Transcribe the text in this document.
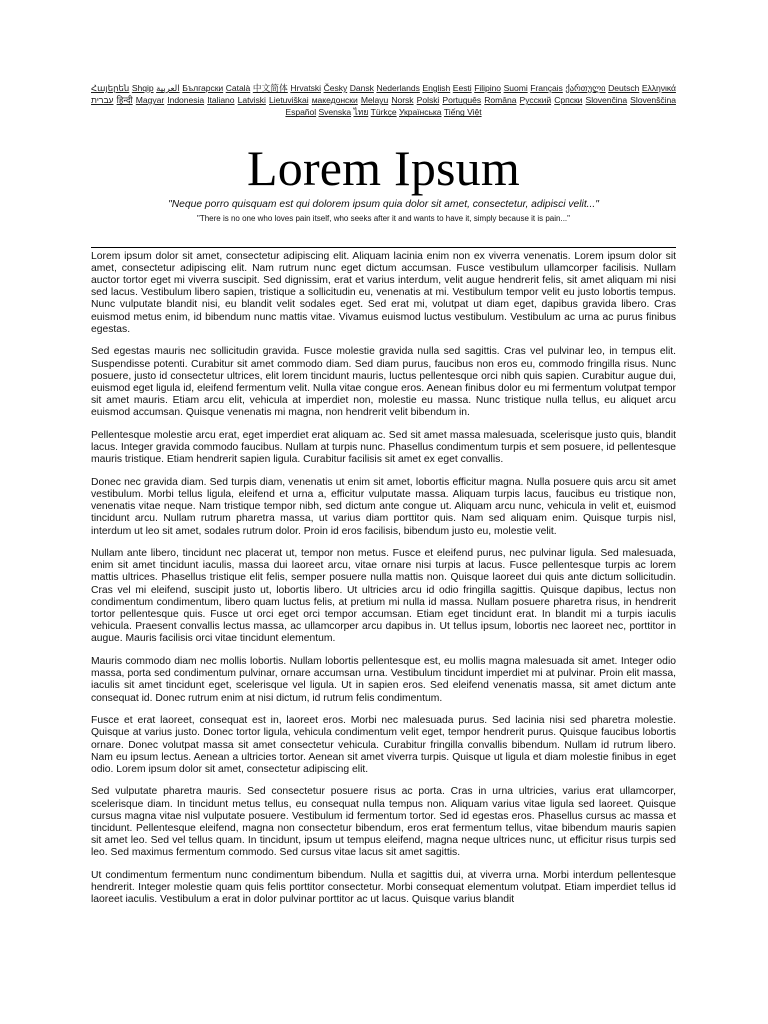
Հայերեն Shqip العربية Български Català 中文简体 Hrvatski Česky Dansk Nederlands English Eesti Filipino Suomi Français ქართული Deutsch Ελληνικά עברית हिन्दी Magyar Indonesia Italiano Latviski Lietuviškai македонски Melayu Norsk Polski Português Româna Pусский Српски Slovenčina Slovenščina Español Svenska ไทย Türkçe Українська Tiếng Việt
Lorem Ipsum
"Neque porro quisquam est qui dolorem ipsum quia dolor sit amet, consectetur, adipisci velit..."
"There is no one who loves pain itself, who seeks after it and wants to have it, simply because it is pain..."

Lorem ipsum dolor sit amet, consectetur adipiscing elit. Aliquam lacinia enim non ex viverra venenatis. Lorem ipsum dolor sit amet, consectetur adipiscing elit. Nam rutrum nunc eget dictum accumsan. Fusce vestibulum ullamcorper facilisis. Nullam auctor tortor eget mi viverra suscipit. Sed dignissim, erat et varius interdum, velit augue hendrerit felis, sit amet aliquam mi nisi sed lacus. Vestibulum libero sapien, tristique a sollicitudin eu, venenatis at mi. Vestibulum tempor velit eu justo lobortis tempus. Nunc vulputate blandit nisi, eu blandit velit sodales eget. Sed erat mi, volutpat ut diam eget, dapibus gravida libero. Cras euismod metus enim, id bibendum nunc mattis vitae. Vivamus euismod luctus vestibulum. Vestibulum ac urna ac purus finibus egestas.

Sed egestas mauris nec sollicitudin gravida. Fusce molestie gravida nulla sed sagittis. Cras vel pulvinar leo, in tempus elit. Suspendisse potenti. Curabitur sit amet commodo diam. Sed diam purus, faucibus non eros eu, commodo fringilla risus. Nunc posuere, justo id consectetur ultrices, elit lorem tincidunt mauris, luctus pellentesque orci nibh quis sapien. Curabitur augue dui, euismod eget ligula id, eleifend fermentum velit. Nulla vitae congue eros. Aenean finibus dolor eu mi fermentum volutpat tempor sit amet mauris. Etiam arcu elit, vehicula at imperdiet non, molestie eu massa. Nunc tristique nulla tellus, eu aliquet arcu euismod accumsan. Quisque venenatis mi magna, non hendrerit velit bibendum in.

Pellentesque molestie arcu erat, eget imperdiet erat aliquam ac. Sed sit amet massa malesuada, scelerisque justo quis, blandit lacus. Integer gravida commodo faucibus. Nullam at turpis nunc. Phasellus condimentum turpis et sem posuere, id pellentesque mauris tristique. Etiam hendrerit sapien ligula. Curabitur facilisis sit amet ex eget convallis.

Donec nec gravida diam. Sed turpis diam, venenatis ut enim sit amet, lobortis efficitur magna. Nulla posuere quis arcu sit amet vestibulum. Morbi tellus ligula, eleifend et urna a, efficitur vulputate massa. Aliquam turpis lacus, faucibus eu tristique non, venenatis vitae neque. Nam tristique tempor nibh, sed dictum ante congue ut. Aliquam arcu nunc, vehicula in velit et, euismod tincidunt arcu. Nullam rutrum pharetra massa, ut varius diam porttitor quis. Nam sed aliquam enim. Quisque turpis nisl, interdum ut leo sit amet, sodales rutrum dolor. Proin id eros facilisis, bibendum justo eu, molestie velit.

Nullam ante libero, tincidunt nec placerat ut, tempor non metus. Fusce et eleifend purus, nec pulvinar ligula. Sed malesuada, enim sit amet tincidunt iaculis, massa dui laoreet arcu, vitae ornare nisi turpis at lacus. Fusce pellentesque turpis ac lorem mattis ultrices. Phasellus tristique elit felis, semper posuere nulla mattis non. Quisque laoreet dui quis ante dictum sollicitudin. Cras vel mi eleifend, suscipit justo ut, lobortis libero. Ut ultricies arcu id odio fringilla sagittis. Quisque dapibus, lectus non condimentum condimentum, libero quam luctus felis, at pretium mi nulla id massa. Nullam posuere pharetra risus, in hendrerit tortor pellentesque quis. Fusce ut orci eget orci tempor accumsan. Etiam eget tincidunt erat. In blandit mi a turpis iaculis vehicula. Praesent convallis lectus massa, ac ullamcorper arcu dapibus in. Ut tellus ipsum, lobortis nec laoreet nec, porttitor in augue. Mauris facilisis orci vitae tincidunt elementum.

Mauris commodo diam nec mollis lobortis. Nullam lobortis pellentesque est, eu mollis magna malesuada sit amet. Integer odio massa, porta sed condimentum pulvinar, ornare accumsan urna. Vestibulum tincidunt imperdiet mi at pulvinar. Proin elit massa, iaculis sit amet tincidunt eget, scelerisque vel ligula. Ut in sapien eros. Sed eleifend venenatis massa, sit amet dictum ante consequat id. Donec rutrum enim at nisi dictum, id rutrum felis condimentum.

Fusce et erat laoreet, consequat est in, laoreet eros. Morbi nec malesuada purus. Sed lacinia nisi sed pharetra molestie. Quisque at varius justo. Donec tortor ligula, vehicula condimentum velit eget, tempor hendrerit purus. Quisque faucibus lobortis ornare. Donec volutpat massa sit amet consectetur vehicula. Curabitur fringilla convallis bibendum. Nullam id rutrum libero. Nam eu ipsum lectus. Aenean a ultricies tortor. Aenean sit amet viverra turpis. Quisque ut ligula et diam molestie finibus in eget odio. Lorem ipsum dolor sit amet, consectetur adipiscing elit.

Sed vulputate pharetra mauris. Sed consectetur posuere risus ac porta. Cras in urna ultricies, varius erat ullamcorper, scelerisque diam. In tincidunt metus tellus, eu consequat nulla tempus non. Aliquam varius vitae ligula sed laoreet. Quisque cursus magna vitae nisl vulputate posuere. Vestibulum id fermentum tortor. Sed id egestas eros. Phasellus cursus ac massa et tincidunt. Pellentesque eleifend, magna non consectetur bibendum, eros erat fermentum tellus, vitae bibendum mauris sapien sit amet leo. Sed vel tellus quam. In tincidunt, ipsum ut tempus eleifend, magna neque ultrices nunc, ut efficitur risus turpis sed leo. Sed maximus fermentum commodo. Sed cursus vitae lacus sit amet sagittis.

Ut condimentum fermentum nunc condimentum bibendum. Nulla et sagittis dui, at viverra urna. Morbi interdum pellentesque hendrerit. Integer molestie quam quis felis porttitor consectetur. Morbi consequat elementum volutpat. Etiam imperdiet tellus id laoreet iaculis. Vestibulum a erat in dolor pulvinar porttitor ac ut lacus. Quisque varius blandit
